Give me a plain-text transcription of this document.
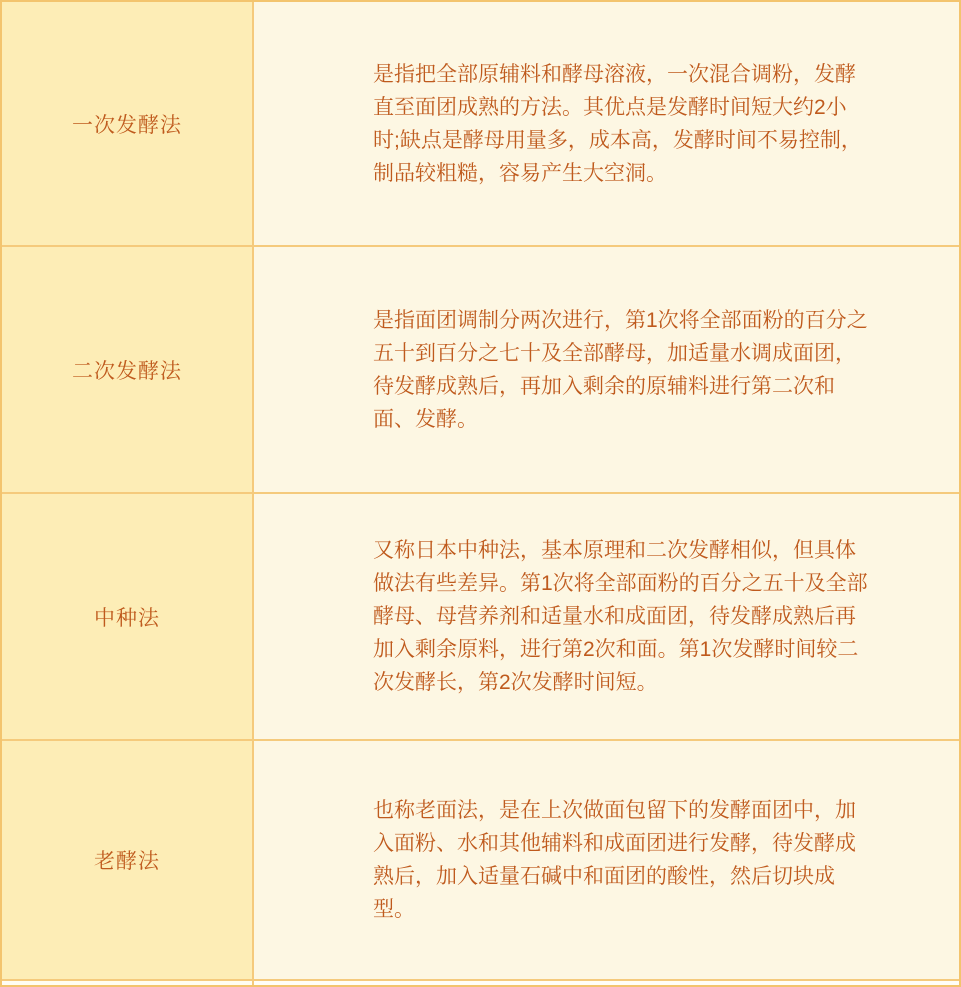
一次发酵法
是指把全部原辅料和酵母溶液，一次混合调粉，发酵直至面团成熟的方法。其优点是发酵时间短大约2小时;缺点是酵母用量多，成本高，发酵时间不易控制，制品较粗糙，容易产生大空洞。
二次发酵法
是指面团调制分两次进行，第1次将全部面粉的百分之五十到百分之七十及全部酵母，加适量水调成面团，待发酵成熟后，再加入剩余的原辅料进行第二次和面、发酵。
中种法
又称日本中种法，基本原理和二次发酵相似，但具体做法有些差异。第1次将全部面粉的百分之五十及全部酵母、母营养剂和适量水和成面团，待发酵成熟后再加入剩余原料，进行第2次和面。第1次发酵时间较二次发酵长，第2次发酵时间短。
老酵法
也称老面法，是在上次做面包留下的发酵面团中，加入面粉、水和其他辅料和成面团进行发酵，待发酵成熟后，加入适量石碱中和面团的酸性，然后切块成型。
